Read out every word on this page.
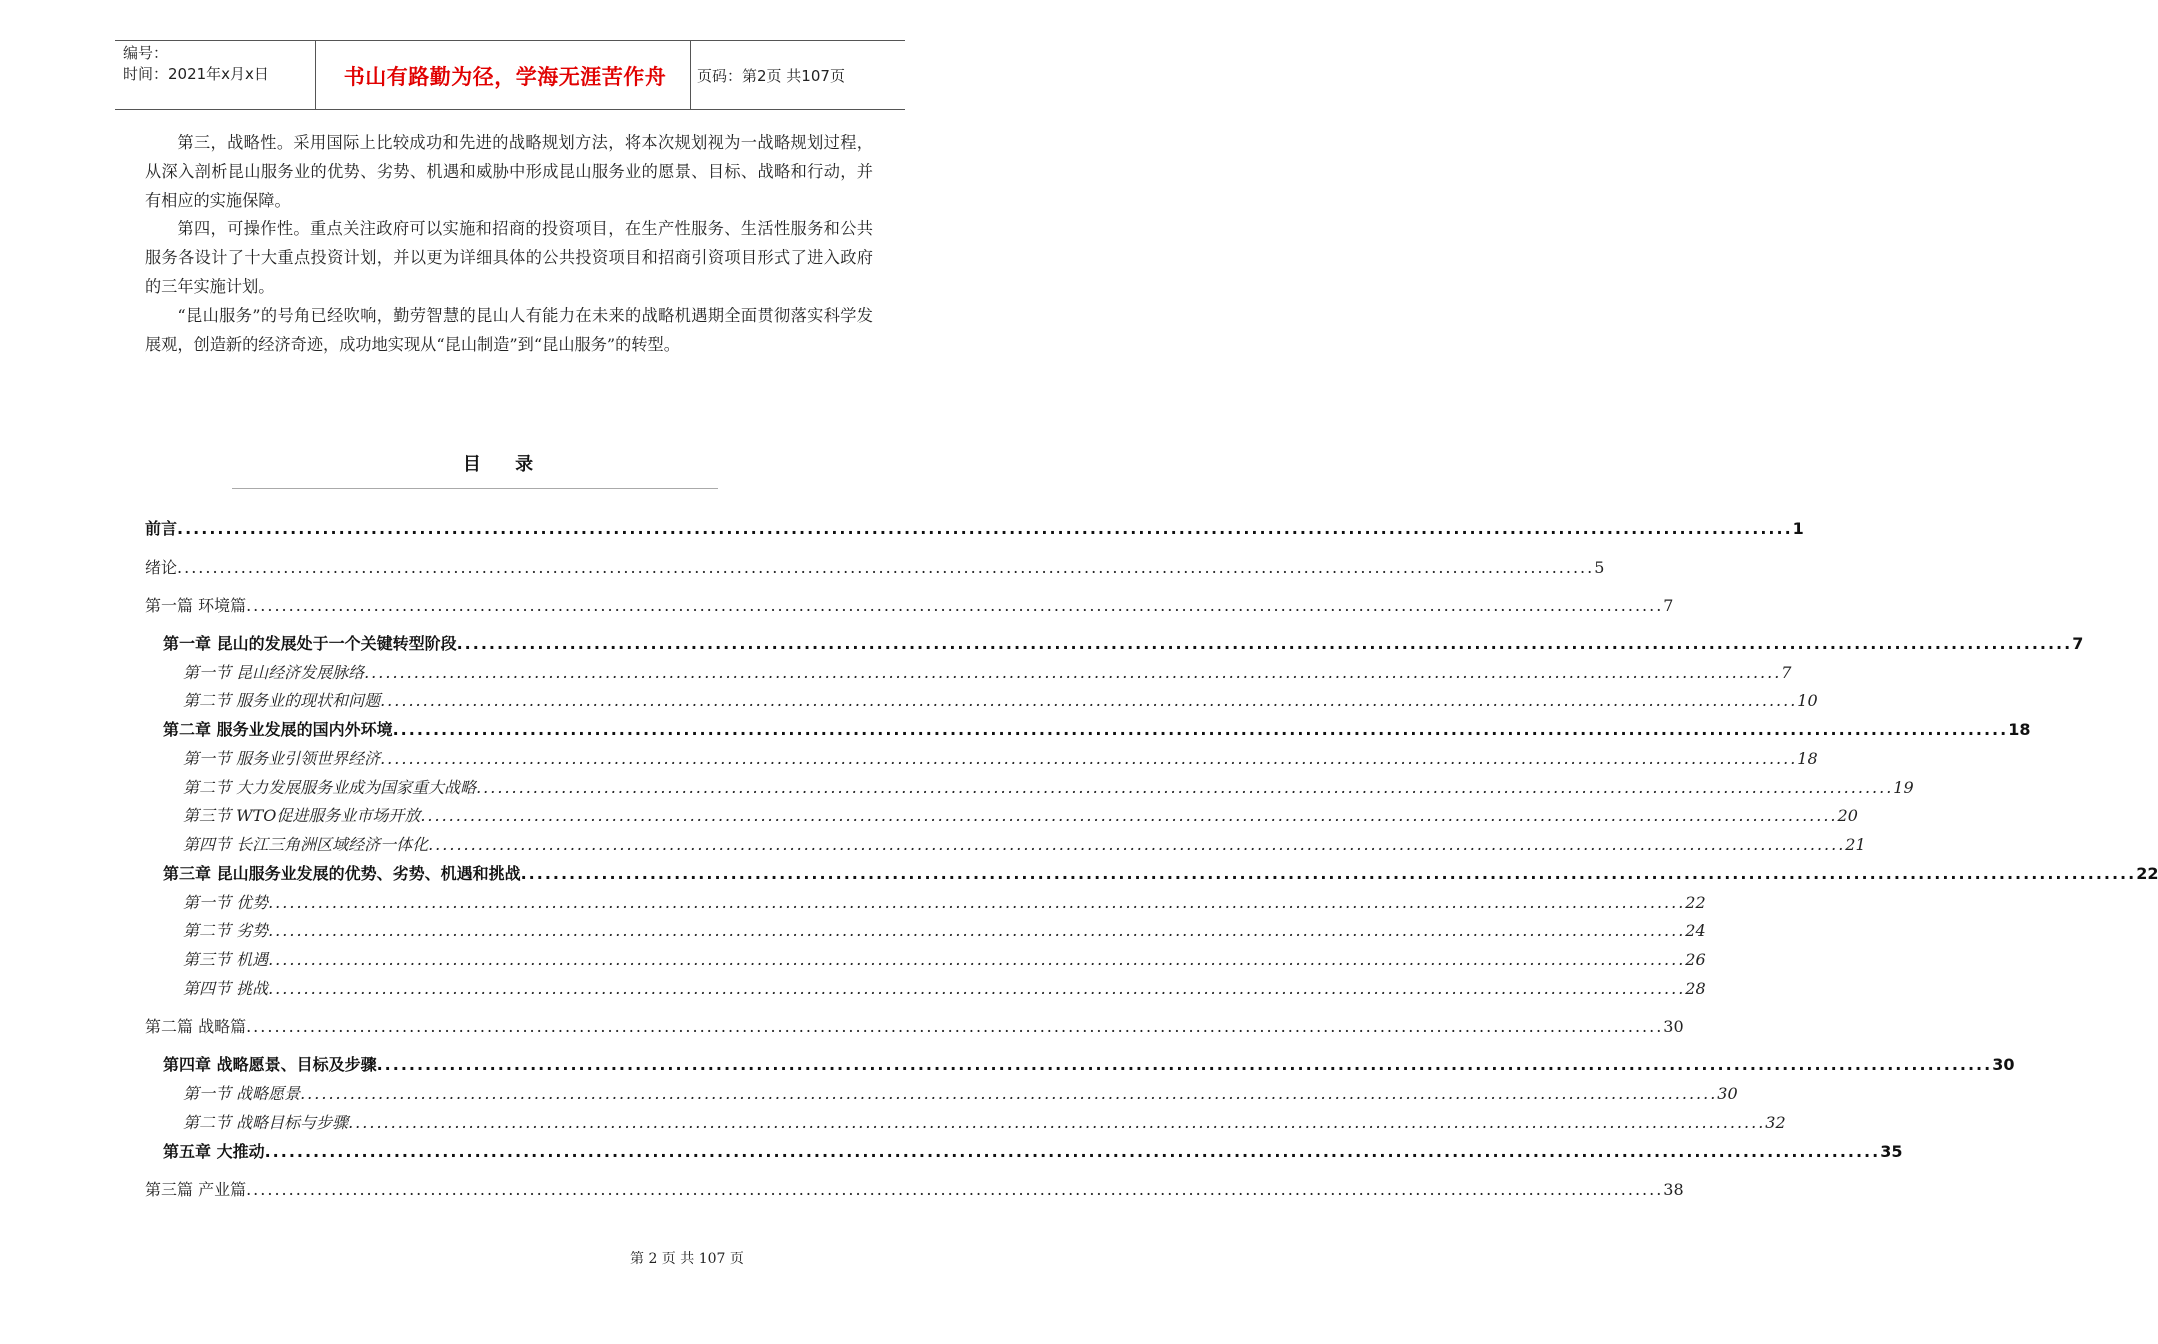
编号：
时间：2021年x月x日	书山有路勤为径，学海无涯苦作舟	页码：第2页 共107页

第三，战略性。采用国际上比较成功和先进的战略规划方法，将本次规划视为一战略规划过程，从深入剖析昆山服务业的优势、劣势、机遇和威胁中形成昆山服务业的愿景、目标、战略和行动，并有相应的实施保障。

第四，可操作性。重点关注政府可以实施和招商的投资项目，在生产性服务、生活性服务和公共服务各设计了十大重点投资计划，并以更为详细具体的公共投资项目和招商引资项目形式了进入政府的三年实施计划。

“昆山服务”的号角已经吹响，勤劳智慧的昆山人有能力在未来的战略机遇期全面贯彻落实科学发展观，创造新的经济奇迹，成功地实现从“昆山制造”到“昆山服务”的转型。

目 录
前言 ........................................................................................................................................................................................................ 1
绪论 ........................................................................................................................................................................................................ 5
第一篇 环境篇 ........................................................................................................................................................................................................ 7
第一章 昆山的发展处于一个关键转型阶段 ........................................................................................................................................................................................................ 7
第一节 昆山经济发展脉络 ........................................................................................................................................................................................................ 7
第二节 服务业的现状和问题 ........................................................................................................................................................................................................ 10
第二章 服务业发展的国内外环境 ........................................................................................................................................................................................................ 18
第一节 服务业引领世界经济 ........................................................................................................................................................................................................ 18
第二节 大力发展服务业成为国家重大战略 ........................................................................................................................................................................................................ 19
第三节 WTO促进服务业市场开放 ........................................................................................................................................................................................................ 20
第四节 长江三角洲区域经济一体化 ........................................................................................................................................................................................................ 21
第三章 昆山服务业发展的优势、劣势、机遇和挑战 ........................................................................................................................................................................................................ 22
第一节 优势 ........................................................................................................................................................................................................ 22
第二节 劣势 ........................................................................................................................................................................................................ 24
第三节 机遇 ........................................................................................................................................................................................................ 26
第四节 挑战 ........................................................................................................................................................................................................ 28
第二篇 战略篇 ........................................................................................................................................................................................................ 30
第四章 战略愿景、目标及步骤 ........................................................................................................................................................................................................ 30
第一节 战略愿景 ........................................................................................................................................................................................................ 30
第二节 战略目标与步骤 ........................................................................................................................................................................................................ 32
第五章 大推动 ........................................................................................................................................................................................................ 35
第三篇 产业篇 ........................................................................................................................................................................................................ 38
第 2 页 共 107 页
